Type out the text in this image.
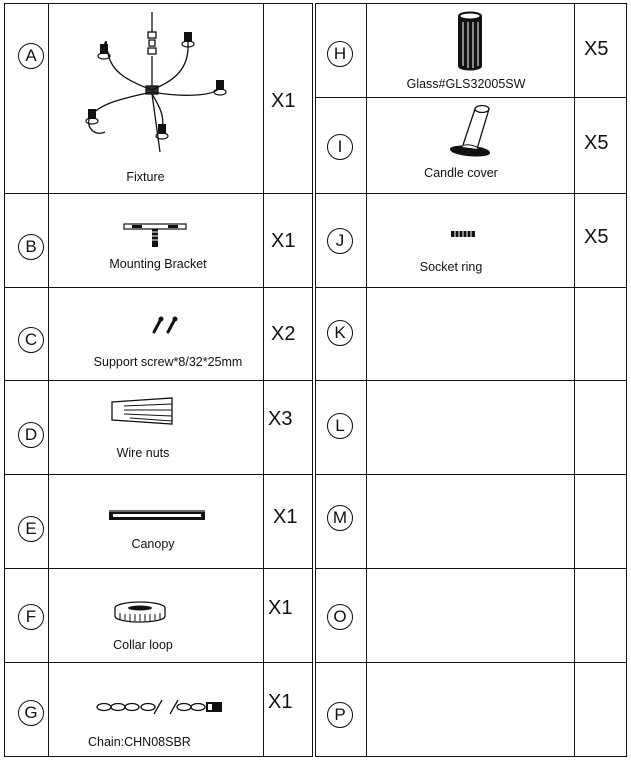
A
Fixture
X1
B
Mounting Bracket
X1
C
Support screw*8/32*25mm
X2
D
Wire nuts
X3
E
Canopy
X1
F
Collar loop
X1
G
Chain:CHN08SBR
X1
H
Glass#GLS32005SW
X5
I
Candle cover
X5
J
Socket ring
X5
K
L
M
O
P
